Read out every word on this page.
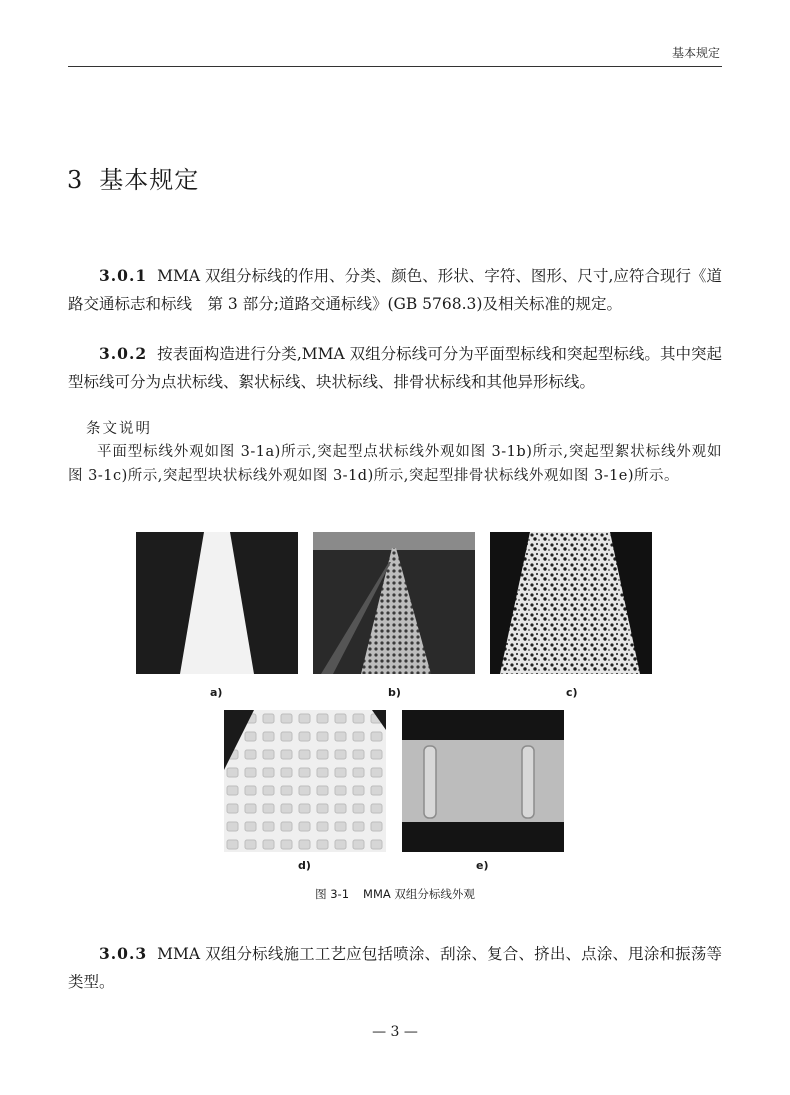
基本规定
3 基本规定
3.0.1 MMA 双组分标线的作用、分类、颜色、形状、字符、图形、尺寸,应符合现行《道路交通标志和标线　第 3 部分;道路交通标线》(GB 5768.3)及相关标准的规定。
3.0.2 按表面构造进行分类,MMA 双组分标线可分为平面型标线和突起型标线。其中突起型标线可分为点状标线、絮状标线、块状标线、排骨状标线和其他异形标线。
条文说明
平面型标线外观如图 3-1a)所示,突起型点状标线外观如图 3-1b)所示,突起型絮状标线外观如图 3-1c)所示,突起型块状标线外观如图 3-1d)所示,突起型排骨状标线外观如图 3-1e)所示。
a)	b)	c)
d)	e)
图 3-1 MMA 双组分标线外观
3.0.3 MMA 双组分标线施工工艺应包括喷涂、刮涂、复合、挤出、点涂、甩涂和振荡等类型。
— 3 —
